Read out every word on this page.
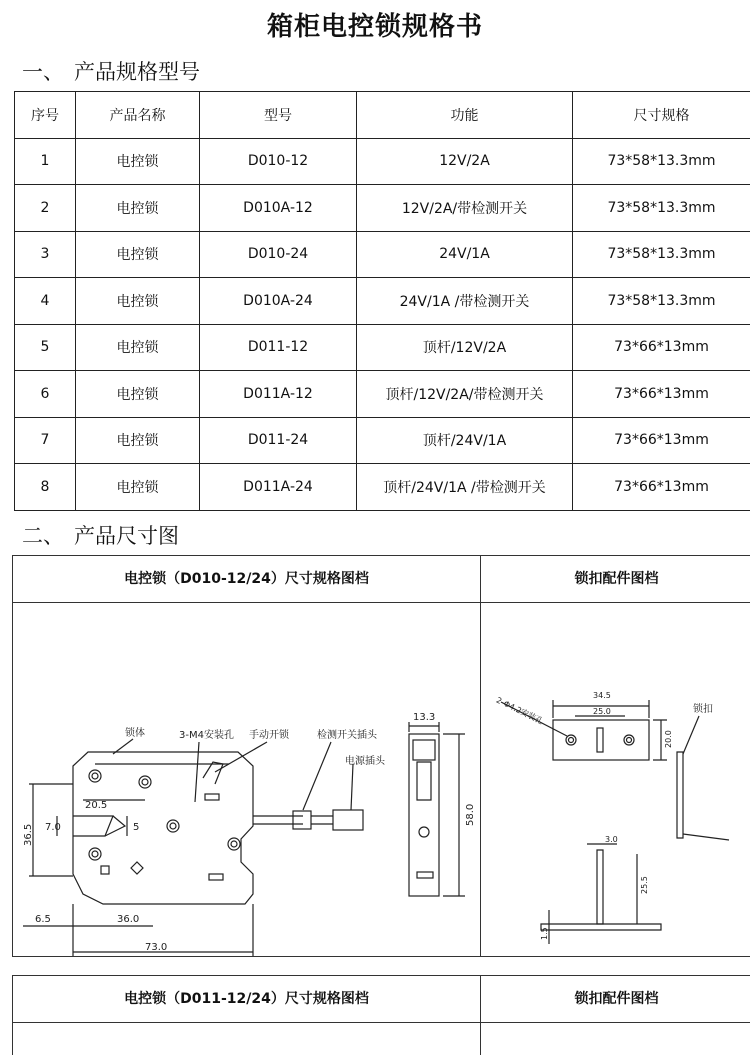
箱柜电控锁规格书
一、 产品规格型号
序号	产品名称	型号	功能	尺寸规格
1	电控锁	D010-12	12V/2A	73*58*13.3mm
2	电控锁	D010A-12	12V/2A/带检测开关	73*58*13.3mm
3	电控锁	D010-24	24V/1A	73*58*13.3mm
4	电控锁	D010A-24	24V/1A /带检测开关	73*58*13.3mm
5	电控锁	D011-12	顶杆/12V/2A	73*66*13mm
6	电控锁	D011A-12	顶杆/12V/2A/带检测开关	73*66*13mm
7	电控锁	D011-24	顶杆/24V/1A	73*66*13mm
8	电控锁	D011A-24	顶杆/24V/1A /带检测开关	73*66*13mm
二、 产品尺寸图
电控锁（D010-12/24）尺寸规格图档	锁扣配件图档
锁体	3-M4安装孔 手动开锁	检测开关插头
电源插头
20.5
36.5 7.0	5
6.5	36.0
73.0
13.3
58.0
34.5
25.0
20.0
2-Φ4.2安装孔	锁扣
3.0
25.5
1.5
电控锁（D011-12/24）尺寸规格图档	锁扣配件图档
